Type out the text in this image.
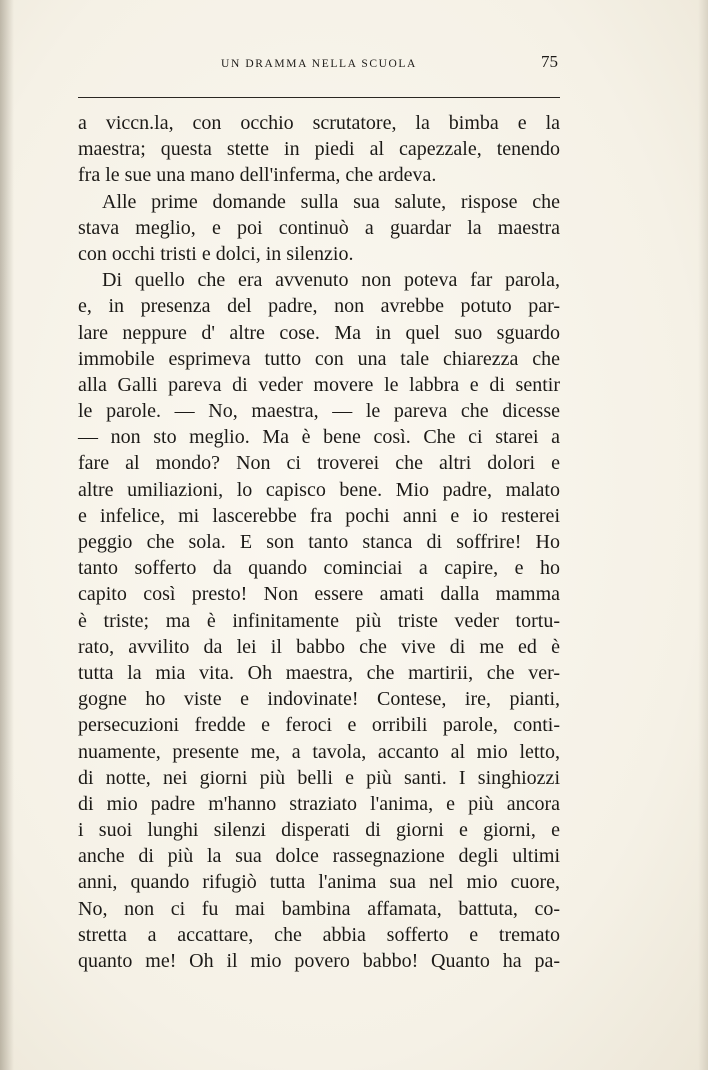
UN DRAMMA NELLA SCUOLA	75
a viccn.la, con occhio scrutatore, la bimba e la
maestra; questa stette in piedi al capezzale, tenendo
fra le sue una mano dell'inferma, che ardeva.
Alle prime domande sulla sua salute, rispose che
stava meglio, e poi continuò a guardar la maestra
con occhi tristi e dolci, in silenzio.
Di quello che era avvenuto non poteva far parola,
e, in presenza del padre, non avrebbe potuto par-
lare neppure d' altre cose. Ma in quel suo sguardo
immobile esprimeva tutto con una tale chiarezza che
alla Galli pareva di veder movere le labbra e di sentir
le parole. — No, maestra, — le pareva che dicesse
— non sto meglio. Ma è bene così. Che ci starei a
fare al mondo? Non ci troverei che altri dolori e
altre umiliazioni, lo capisco bene. Mio padre, malato
e infelice, mi lascerebbe fra pochi anni e io resterei
peggio che sola. E son tanto stanca di soffrire! Ho
tanto sofferto da quando cominciai a capire, e ho
capito così presto! Non essere amati dalla mamma
è triste; ma è infinitamente più triste veder tortu-
rato, avvilito da lei il babbo che vive di me ed è
tutta la mia vita. Oh maestra, che martirii, che ver-
gogne ho viste e indovinate! Contese, ire, pianti,
persecuzioni fredde e feroci e orribili parole, conti-
nuamente, presente me, a tavola, accanto al mio letto,
di notte, nei giorni più belli e più santi. I singhiozzi
di mio padre m'hanno straziato l'anima, e più ancora
i suoi lunghi silenzi disperati di giorni e giorni, e
anche di più la sua dolce rassegnazione degli ultimi
anni, quando rifugiò tutta l'anima sua nel mio cuore,
No, non ci fu mai bambina affamata, battuta, co-
stretta a accattare, che abbia sofferto e tremato
quanto me! Oh il mio povero babbo! Quanto ha pa-
